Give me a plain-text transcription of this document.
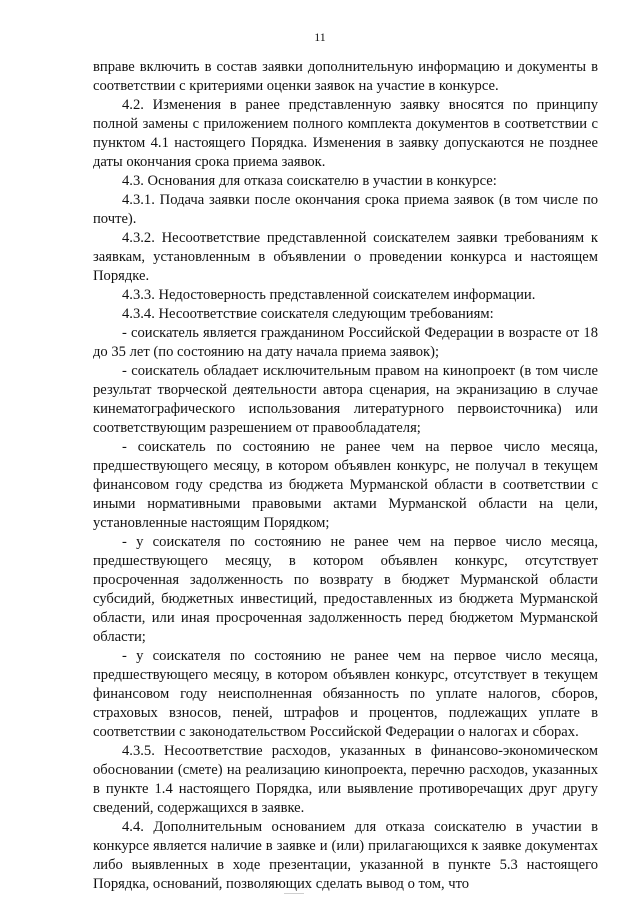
11

вправе включить в состав заявки дополнительную информацию и документы в соответствии с критериями оценки заявок на участие в конкурсе.

4.2. Изменения в ранее представленную заявку вносятся по принципу полной замены с приложением полного комплекта документов в соответствии с пунктом 4.1 настоящего Порядка. Изменения в заявку допускаются не позднее даты окончания срока приема заявок.

4.3. Основания для отказа соискателю в участии в конкурсе:

4.3.1. Подача заявки после окончания срока приема заявок (в том числе по почте).

4.3.2. Несоответствие представленной соискателем заявки требованиям к заявкам, установленным в объявлении о проведении конкурса и настоящем Порядке.

4.3.3. Недостоверность представленной соискателем информации.

4.3.4. Несоответствие соискателя следующим требованиям:

- соискатель является гражданином Российской Федерации в возрасте от 18 до 35 лет (по состоянию на дату начала приема заявок);

- соискатель обладает исключительным правом на кинопроект (в том числе результат творческой деятельности автора сценария, на экранизацию в случае кинематографического использования литературного первоисточника) или соответствующим разрешением от правообладателя;

- соискатель по состоянию не ранее чем на первое число месяца, предшествующего месяцу, в котором объявлен конкурс, не получал в текущем финансовом году средства из бюджета Мурманской области в соответствии с иными нормативными правовыми актами Мурманской области на цели, установленные настоящим Порядком;

- у соискателя по состоянию не ранее чем на первое число месяца, предшествующего месяцу, в котором объявлен конкурс, отсутствует просроченная задолженность по возврату в бюджет Мурманской области субсидий, бюджетных инвестиций, предоставленных из бюджета Мурманской области, или иная просроченная задолженность перед бюджетом Мурманской области;

- у соискателя по состоянию не ранее чем на первое число месяца, предшествующего месяцу, в котором объявлен конкурс, отсутствует в текущем финансовом году неисполненная обязанность по уплате налогов, сборов, страховых взносов, пеней, штрафов и процентов, подлежащих уплате в соответствии с законодательством Российской Федерации о налогах и сборах.

4.3.5. Несоответствие расходов, указанных в финансово-экономическом обосновании (смете) на реализацию кинопроекта, перечню расходов, указанных в пункте 1.4 настоящего Порядка, или выявление противоречащих друг другу сведений, содержащихся в заявке.

4.4. Дополнительным основанием для отказа соискателю в участии в конкурсе является наличие в заявке и (или) прилагающихся к заявке документах либо выявленных в ходе презентации, указанной в пункте 5.3 настоящего Порядка, оснований, позволяющих сделать вывод о том, что
